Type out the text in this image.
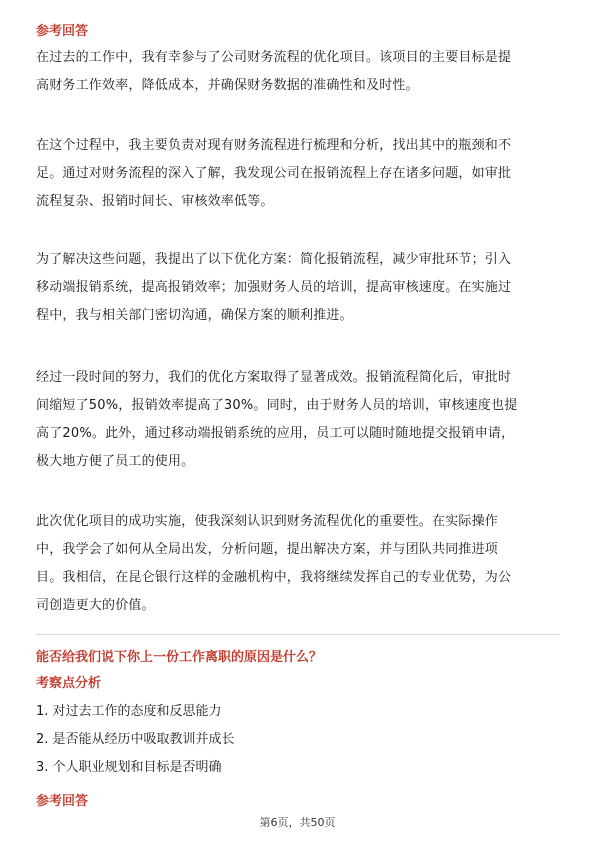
参考回答
在过去的工作中，我有幸参与了公司财务流程的优化项目。该项目的主要目标是提
高财务工作效率，降低成本，并确保财务数据的准确性和及时性。
在这个过程中，我主要负责对现有财务流程进行梳理和分析，找出其中的瓶颈和不
足。通过对财务流程的深入了解，我发现公司在报销流程上存在诸多问题，如审批
流程复杂、报销时间长、审核效率低等。
为了解决这些问题，我提出了以下优化方案：简化报销流程，减少审批环节；引入
移动端报销系统，提高报销效率；加强财务人员的培训，提高审核速度。在实施过
程中，我与相关部门密切沟通，确保方案的顺利推进。
经过一段时间的努力，我们的优化方案取得了显著成效。报销流程简化后，审批时
间缩短了50%，报销效率提高了30%。同时，由于财务人员的培训，审核速度也提
高了20%。此外，通过移动端报销系统的应用，员工可以随时随地提交报销申请，
极大地方便了员工的使用。
此次优化项目的成功实施，使我深刻认识到财务流程优化的重要性。在实际操作
中，我学会了如何从全局出发，分析问题，提出解决方案，并与团队共同推进项
目。我相信，在昆仑银行这样的金融机构中，我将继续发挥自己的专业优势，为公
司创造更大的价值。
能否给我们说下你上一份工作离职的原因是什么？
考察点分析
1. 对过去工作的态度和反思能力
2. 是否能从经历中吸取教训并成长
3. 个人职业规划和目标是否明确
参考回答
第6页，共50页
